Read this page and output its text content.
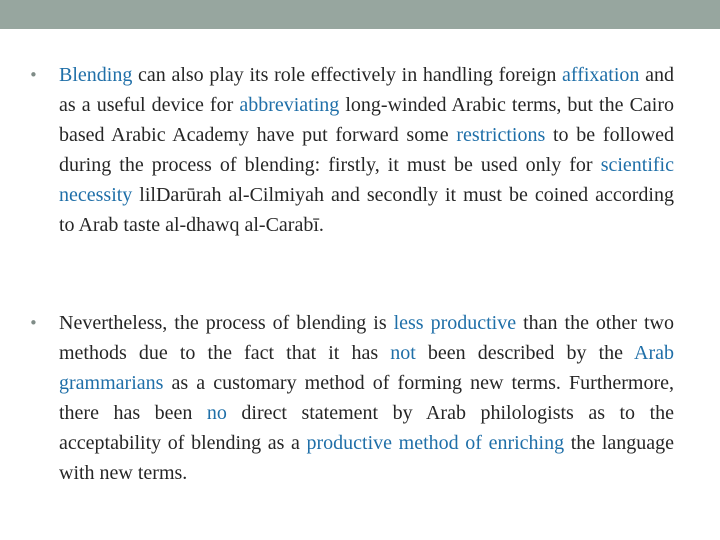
• Blending can also play its role effectively in handling foreign affixation and as a useful device for abbreviating long-winded Arabic terms, but the Cairo based Arabic Academy have put forward some restrictions to be followed during the process of blending: firstly, it must be used only for scientific necessity lilDarūrah al-Cilmiyah and secondly it must be coined according to Arab taste al-dhawq al-Carabī.
• Nevertheless, the process of blending is less productive than the other two methods due to the fact that it has not been described by the Arab grammarians as a customary method of forming new terms. Furthermore, there has been no direct statement by Arab philologists as to the acceptability of blending as a productive method of enriching the language with new terms.
